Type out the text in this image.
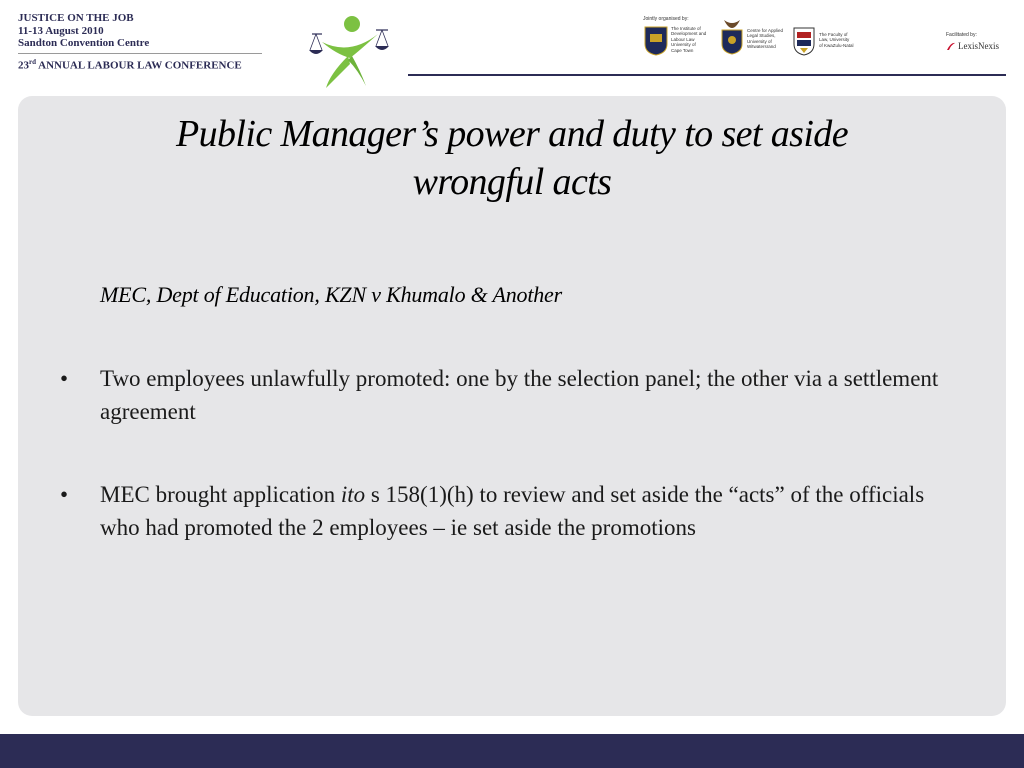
JUSTICE ON THE JOB
11-13 August 2010
Sandton Convention Centre
23rd ANNUAL LABOUR LAW CONFERENCE
Jointly organised by:
The Institute of
Development and
Labour Law
University of
Cape Town
Centre for Applied
Legal Studies,
University of
Witwatersrand
The Faculty of
Law, University
of KwaZulu-Natal
Facilitated by:
LexisNexis
Public Manager’s power and duty to set aside
wrongful acts
MEC, Dept of Education, KZN v Khumalo & Another
• Two employees unlawfully promoted: one by the selection panel; the other via a settlement agreement
• MEC brought application ito s 158(1)(h) to review and set aside the “acts” of the officials who had promoted the 2 employees – ie set aside the promotions
